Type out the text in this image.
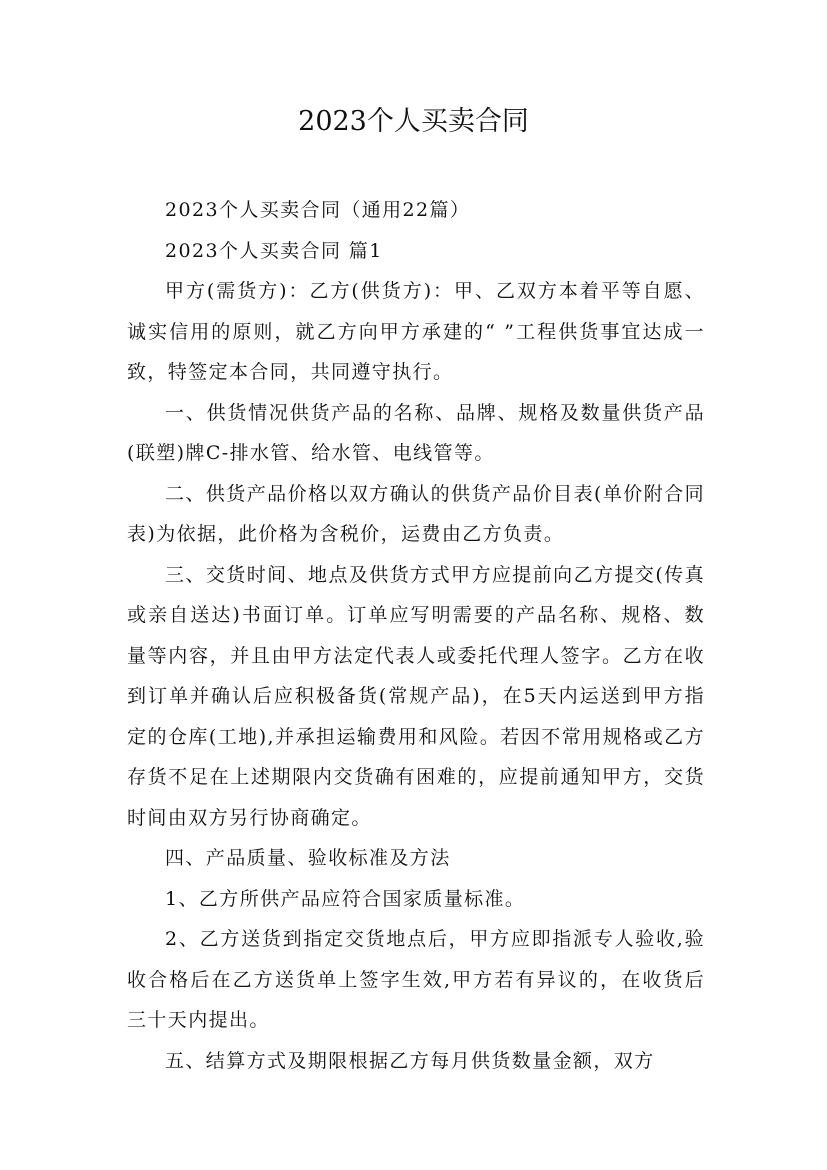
2023个人买卖合同

2023个人买卖合同（通用22篇）

2023个人买卖合同 篇1

甲方(需货方)：乙方(供货方)：甲、乙双方本着平等自愿、诚实信用的原则，就乙方向甲方承建的“ ”工程供货事宜达成一致，特签定本合同，共同遵守执行。

一、供货情况供货产品的名称、品牌、规格及数量供货产品(联塑)牌C-排水管、给水管、电线管等。

二、供货产品价格以双方确认的供货产品价目表(单价附合同表)为依据，此价格为含税价，运费由乙方负责。

三、交货时间、地点及供货方式甲方应提前向乙方提交(传真或亲自送达)书面订单。订单应写明需要的产品名称、规格、数量等内容，并且由甲方法定代表人或委托代理人签字。乙方在收到订单并确认后应积极备货(常规产品)，在5天内运送到甲方指定的仓库(工地),并承担运输费用和风险。若因不常用规格或乙方存货不足在上述期限内交货确有困难的，应提前通知甲方，交货时间由双方另行协商确定。

四、产品质量、验收标准及方法

1、乙方所供产品应符合国家质量标准。

2、乙方送货到指定交货地点后，甲方应即指派专人验收,验收合格后在乙方送货单上签字生效,甲方若有异议的，在收货后三十天内提出。

五、结算方式及期限根据乙方每月供货数量金额，双方
